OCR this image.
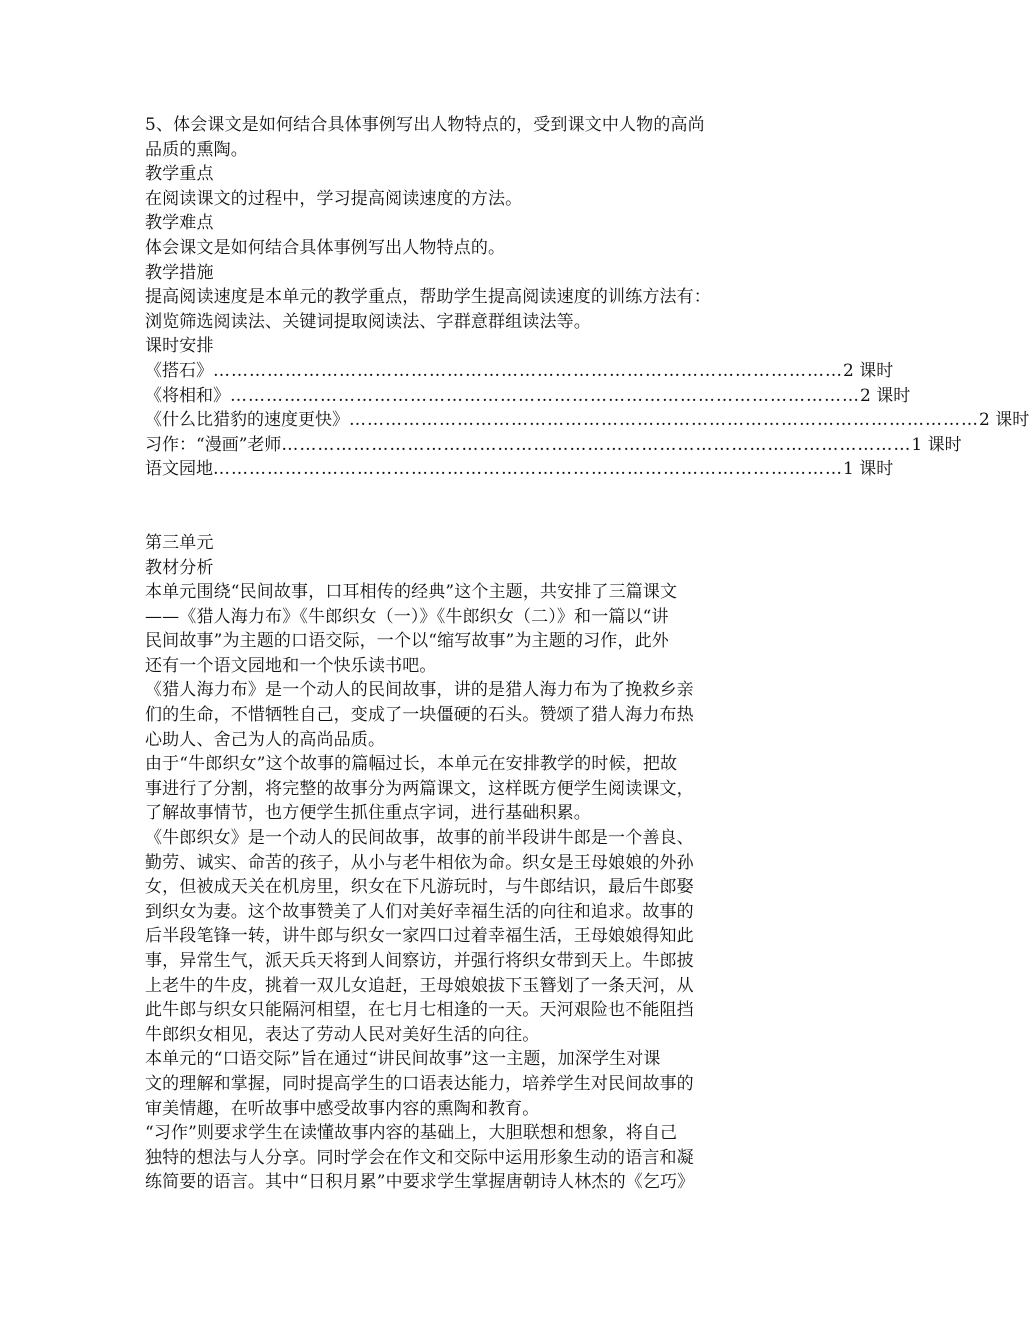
5、体会课文是如何结合具体事例写出人物特点的，受到课文中人物的高尚
品质的熏陶。
教学重点
在阅读课文的过程中，学习提高阅读速度的方法。
教学难点
体会课文是如何结合具体事例写出人物特点的。
教学措施
提高阅读速度是本单元的教学重点，帮助学生提高阅读速度的训练方法有：
浏览筛选阅读法、关键词提取阅读法、字群意群组读法等。
课时安排
《搭石》 …………………………………………………………………………………………… 2 课时
《将相和》 …………………………………………………………………………………………… 2 课时
《什么比猎豹的速度更快》 …………………………………………………………………………………………… 2 课时
习作：“漫画”老师 …………………………………………………………………………………………… 1 课时
语文园地 …………………………………………………………………………………………… 1 课时
第三单元
教材分析
本单元围绕“民间故事，口耳相传的经典”这个主题，共安排了三篇课文
——《猎人海力布》《牛郎织女（一）》《牛郎织女（二）》和一篇以“讲
民间故事”为主题的口语交际，一个以“缩写故事”为主题的习作，此外
还有一个语文园地和一个快乐读书吧。
《猎人海力布》是一个动人的民间故事，讲的是猎人海力布为了挽救乡亲
们的生命，不惜牺牲自己，变成了一块僵硬的石头。赞颂了猎人海力布热
心助人、舍己为人的高尚品质。
由于“牛郎织女”这个故事的篇幅过长，本单元在安排教学的时候，把故
事进行了分割，将完整的故事分为两篇课文，这样既方便学生阅读课文，
了解故事情节，也方便学生抓住重点字词，进行基础积累。
《牛郎织女》是一个动人的民间故事，故事的前半段讲牛郎是一个善良、
勤劳、诚实、命苦的孩子，从小与老牛相依为命。织女是王母娘娘的外孙
女，但被成天关在机房里，织女在下凡游玩时，与牛郎结识，最后牛郎娶
到织女为妻。这个故事赞美了人们对美好幸福生活的向往和追求。故事的
后半段笔锋一转，讲牛郎与织女一家四口过着幸福生活，王母娘娘得知此
事，异常生气，派天兵天将到人间察访，并强行将织女带到天上。牛郎披
上老牛的牛皮，挑着一双儿女追赶，王母娘娘拔下玉簪划了一条天河，从
此牛郎与织女只能隔河相望，在七月七相逢的一天。天河艰险也不能阻挡
牛郎织女相见，表达了劳动人民对美好生活的向往。
本单元的“口语交际”旨在通过“讲民间故事”这一主题，加深学生对课
文的理解和掌握，同时提高学生的口语表达能力，培养学生对民间故事的
审美情趣，在听故事中感受故事内容的熏陶和教育。
“习作”则要求学生在读懂故事内容的基础上，大胆联想和想象，将自己
独特的想法与人分享。同时学会在作文和交际中运用形象生动的语言和凝
练简要的语言。其中“日积月累”中要求学生掌握唐朝诗人林杰的《乞巧》
